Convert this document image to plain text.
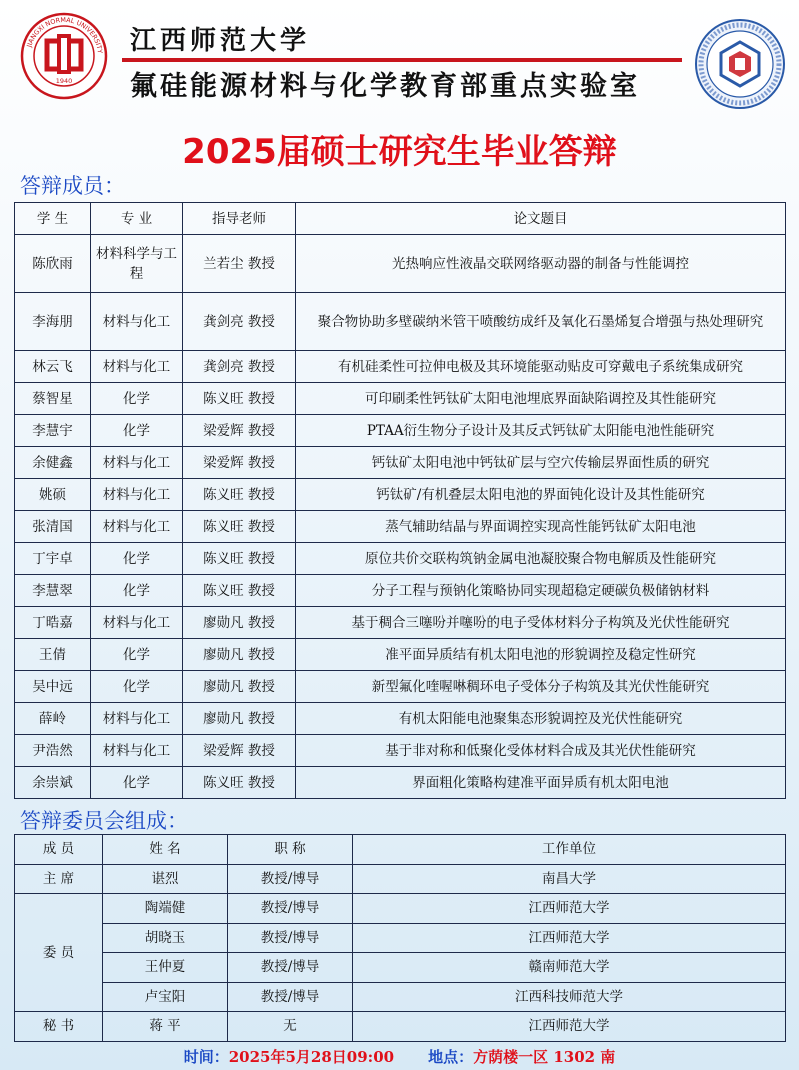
1940
JIANGXI NORMAL UNIVERSITY 江西师范大学
氟硅能源材料与化学教育部重点实验室
2025届硕士研究生毕业答辩
答辩成员：
学 生	专 业	指导老师	论文题目
陈欣雨	材料科学与工程	兰若尘 教授	光热响应性液晶交联网络驱动器的制备与性能调控
李海朋	材料与化工	龚剑亮 教授	聚合物协助多壁碳纳米管干喷酸纺成纤及氧化石墨烯复合增强与热处理研究
林云飞	材料与化工	龚剑亮 教授	有机硅柔性可拉伸电极及其环境能驱动贴皮可穿戴电子系统集成研究
蔡智星	化学	陈义旺 教授	可印刷柔性钙钛矿太阳电池埋底界面缺陷调控及其性能研究
李慧宇	化学	梁爱辉 教授	PTAA衍生物分子设计及其反式钙钛矿太阳能电池性能研究
余健鑫	材料与化工	梁爱辉 教授	钙钛矿太阳电池中钙钛矿层与空穴传输层界面性质的研究
姚硕	材料与化工	陈义旺 教授	钙钛矿/有机叠层太阳电池的界面钝化设计及其性能研究
张清国	材料与化工	陈义旺 教授	蒸气辅助结晶与界面调控实现高性能钙钛矿太阳电池
丁宇卓	化学	陈义旺 教授	原位共价交联构筑钠金属电池凝胶聚合物电解质及性能研究
李慧翠	化学	陈义旺 教授	分子工程与预钠化策略协同实现超稳定硬碳负极储钠材料
丁晧嘉	材料与化工	廖勋凡 教授	基于稠合三噻吩并噻吩的电子受体材料分子构筑及光伏性能研究
王倩	化学	廖勋凡 教授	准平面异质结有机太阳电池的形貌调控及稳定性研究
吴中远	化学	廖勋凡 教授	新型氟化喹喔啉稠环电子受体分子构筑及其光伏性能研究
薛岭	材料与化工	廖勋凡 教授	有机太阳能电池聚集态形貌调控及光伏性能研究
尹浩然	材料与化工	梁爱辉 教授	基于非对称和低聚化受体材料合成及其光伏性能研究
余崇斌	化学	陈义旺 教授	界面粗化策略构建准平面异质有机太阳电池
答辩委员会组成：
成 员	姓 名	职 称	工作单位
主 席	谌烈	教授/博导	南昌大学
委 员	陶端健	教授/博导	江西师范大学
	胡晓玉	教授/博导	江西师范大学
	王仲夏	教授/博导	赣南师范大学
	卢宝阳	教授/博导	江西科技师范大学
秘 书	蒋 平	无	江西师范大学
时间：2025年5月28日09:00 地点：方荫楼一区 1302 南
